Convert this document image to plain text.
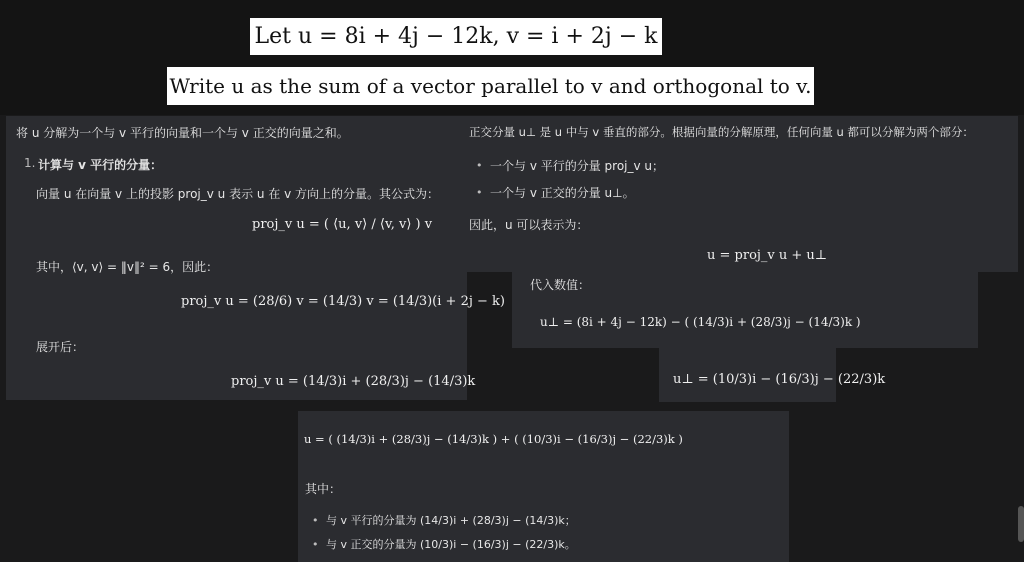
Let u = 8i + 4j − 12k, v = i + 2j − k
Write u as the sum of a vector parallel to v and orthogonal to v.
将 u 分解为一个与 v 平行的向量和一个与 v 正交的向量之和。
1. 计算与 v 平行的分量：
向量 u 在向量 v 上的投影 proj_v u 表示 u 在 v 方向上的分量。其公式为：
proj_v u = ( ⟨u, v⟩ / ⟨v, v⟩ ) v
其中，⟨v, v⟩ = ‖v‖² = 6，因此：
proj_v u = (28/6) v = (14/3) v = (14/3)(i + 2j − k)
展开后：
proj_v u = (14/3)i + (28/3)j − (14/3)k
正交分量 u⊥ 是 u 中与 v 垂直的部分。根据向量的分解原理，任何向量 u 都可以分解为两个部分：
• 一个与 v 平行的分量 proj_v u；
• 一个与 v 正交的分量 u⊥。
因此，u 可以表示为：
u = proj_v u + u⊥
代入数值：
u⊥ = (8i + 4j − 12k) − ( (14/3)i + (28/3)j − (14/3)k )
u⊥ = (10/3)i − (16/3)j − (22/3)k
u = ( (14/3)i + (28/3)j − (14/3)k ) + ( (10/3)i − (16/3)j − (22/3)k )
其中：
• 与 v 平行的分量为 (14/3)i + (28/3)j − (14/3)k；
• 与 v 正交的分量为 (10/3)i − (16/3)j − (22/3)k。
